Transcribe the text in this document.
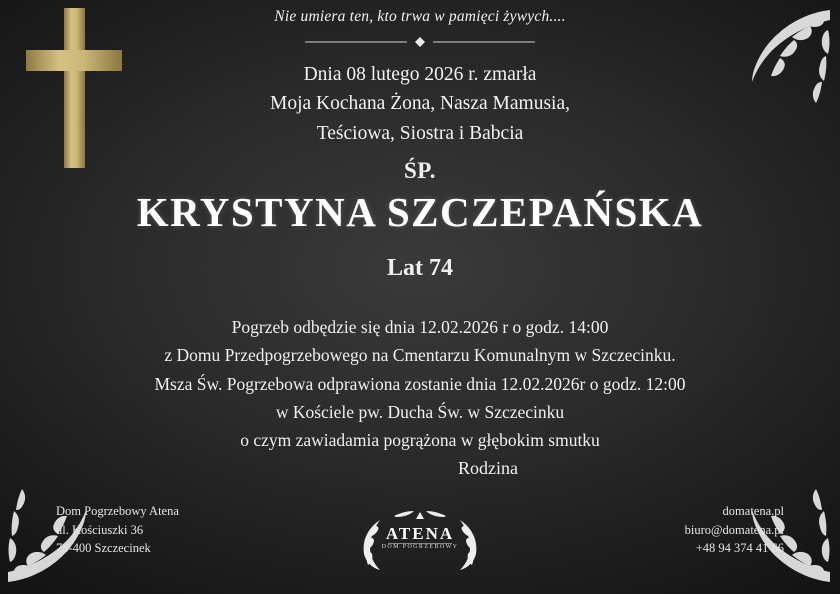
Nie umiera ten, kto trwa w pamięci żywych....
Dnia 08 lutego 2026 r. zmarła
Moja Kochana Żona, Nasza Mamusia,
Teściowa, Siostra i Babcia
ŚP.
KRYSTYNA SZCZEPAŃSKA
Lat 74
Pogrzeb odbędzie się dnia 12.02.2026 r o godz. 14:00
z Domu Przedpogrzebowego na Cmentarzu Komunalnym w Szczecinku.
Msza Św. Pogrzebowa odprawiona zostanie dnia 12.02.2026r o godz. 12:00
w Kościele pw. Ducha Św. w Szczecinku
o czym zawiadamia pogrążona w głębokim smutku
Rodzina
Dom Pogrzebowy Atena
ul. Kościuszki 36
78-400 Szczecinek
domatena.pl
biuro@domatena.pl
+48 94 374 41 66
ATENA
DOM POGRZEBOWY
